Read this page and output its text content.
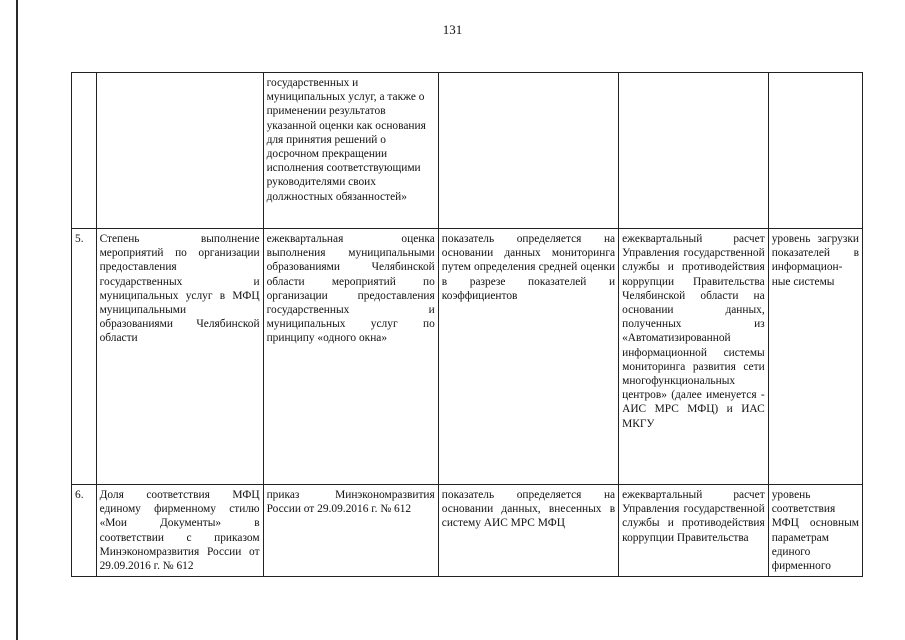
131
		государственных и муниципальных услуг, а также о применении результатов указанной оценки как основания для принятия решений о досрочном прекращении исполнения соответствующими руководителями своих должностных обязанностей»			
5.	Степень выполнение мероприятий по организации предоставления государственных и муниципальных услуг в МФЦ муниципальными образованиями Челябинской области	ежеквартальная оценка выполнения муниципальными образованиями Челябинской области мероприятий по организации предоставления государственных и муниципальных услуг по принципу «одного окна»	показатель определяется на основании данных мониторинга путем определения средней оценки в разрезе показателей и коэффициентов	ежеквартальный расчет Управления государственной службы и противодействия коррупции Правительства Челябинской области на основании данных, полученных из «Автоматизированной информационной системы мониторинга развития сети многофункциональных центров» (далее именуется - АИС МРС МФЦ) и ИАС МКГУ	уровень загрузки показателей в информацион-ные системы
6.	Доля соответствия МФЦ единому фирменному стилю «Мои Документы» в соответствии с приказом Минэкономразвития России от 29.09.2016 г. № 612	приказ Минэкономразвития России от 29.09.2016 г. № 612	показатель определяется на основании данных, внесенных в систему АИС МРС МФЦ	ежеквартальный расчет Управления государственной службы и противодействия коррупции Правительства	уровень соответствия МФЦ основным параметрам единого фирменного
